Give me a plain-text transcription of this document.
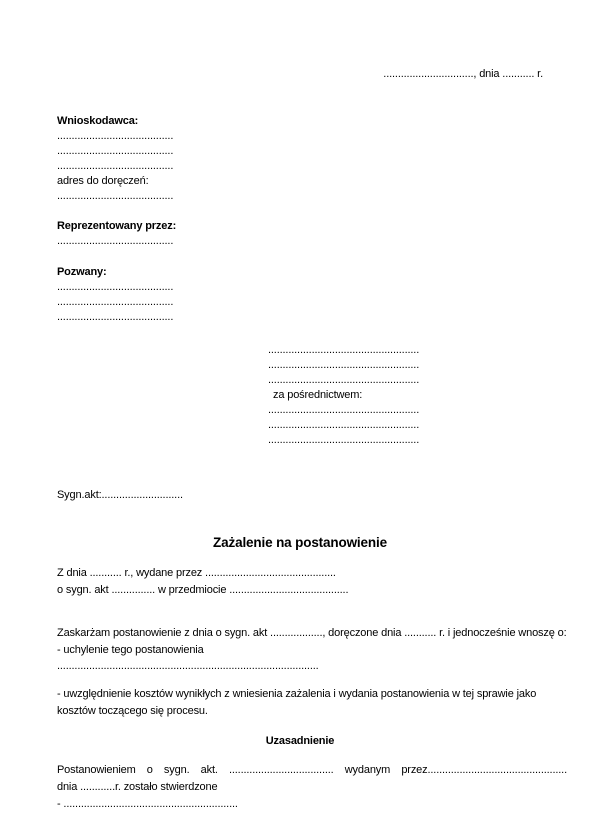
..............................., dnia ........... r.
Wnioskodawca:
........................................
........................................
........................................
adres do doręczeń:
........................................
Reprezentowany przez:
........................................
Pozwany:
........................................
........................................
........................................
....................................................
....................................................
....................................................
za pośrednictwem:
....................................................
....................................................
....................................................
Sygn.akt:............................
Zażalenie na postanowienie
Z dnia ........... r., wydane przez .............................................
o sygn. akt ............... w przedmiocie .........................................
Zaskarżam postanowienie z dnia o sygn. akt .................., doręczone dnia ........... r. i jednocześnie wnoszę o:
- uchylenie tego postanowienia
..........................................................................................
- uwzględnienie kosztów wynikłych z wniesienia zażalenia i wydania postanowienia w tej sprawie jako kosztów toczącego się procesu.
Uzasadnienie
Postanowieniem o sygn. akt. .................................... wydanym przez................................................
dnia ............r. zostało stwierdzone
- ............................................................
